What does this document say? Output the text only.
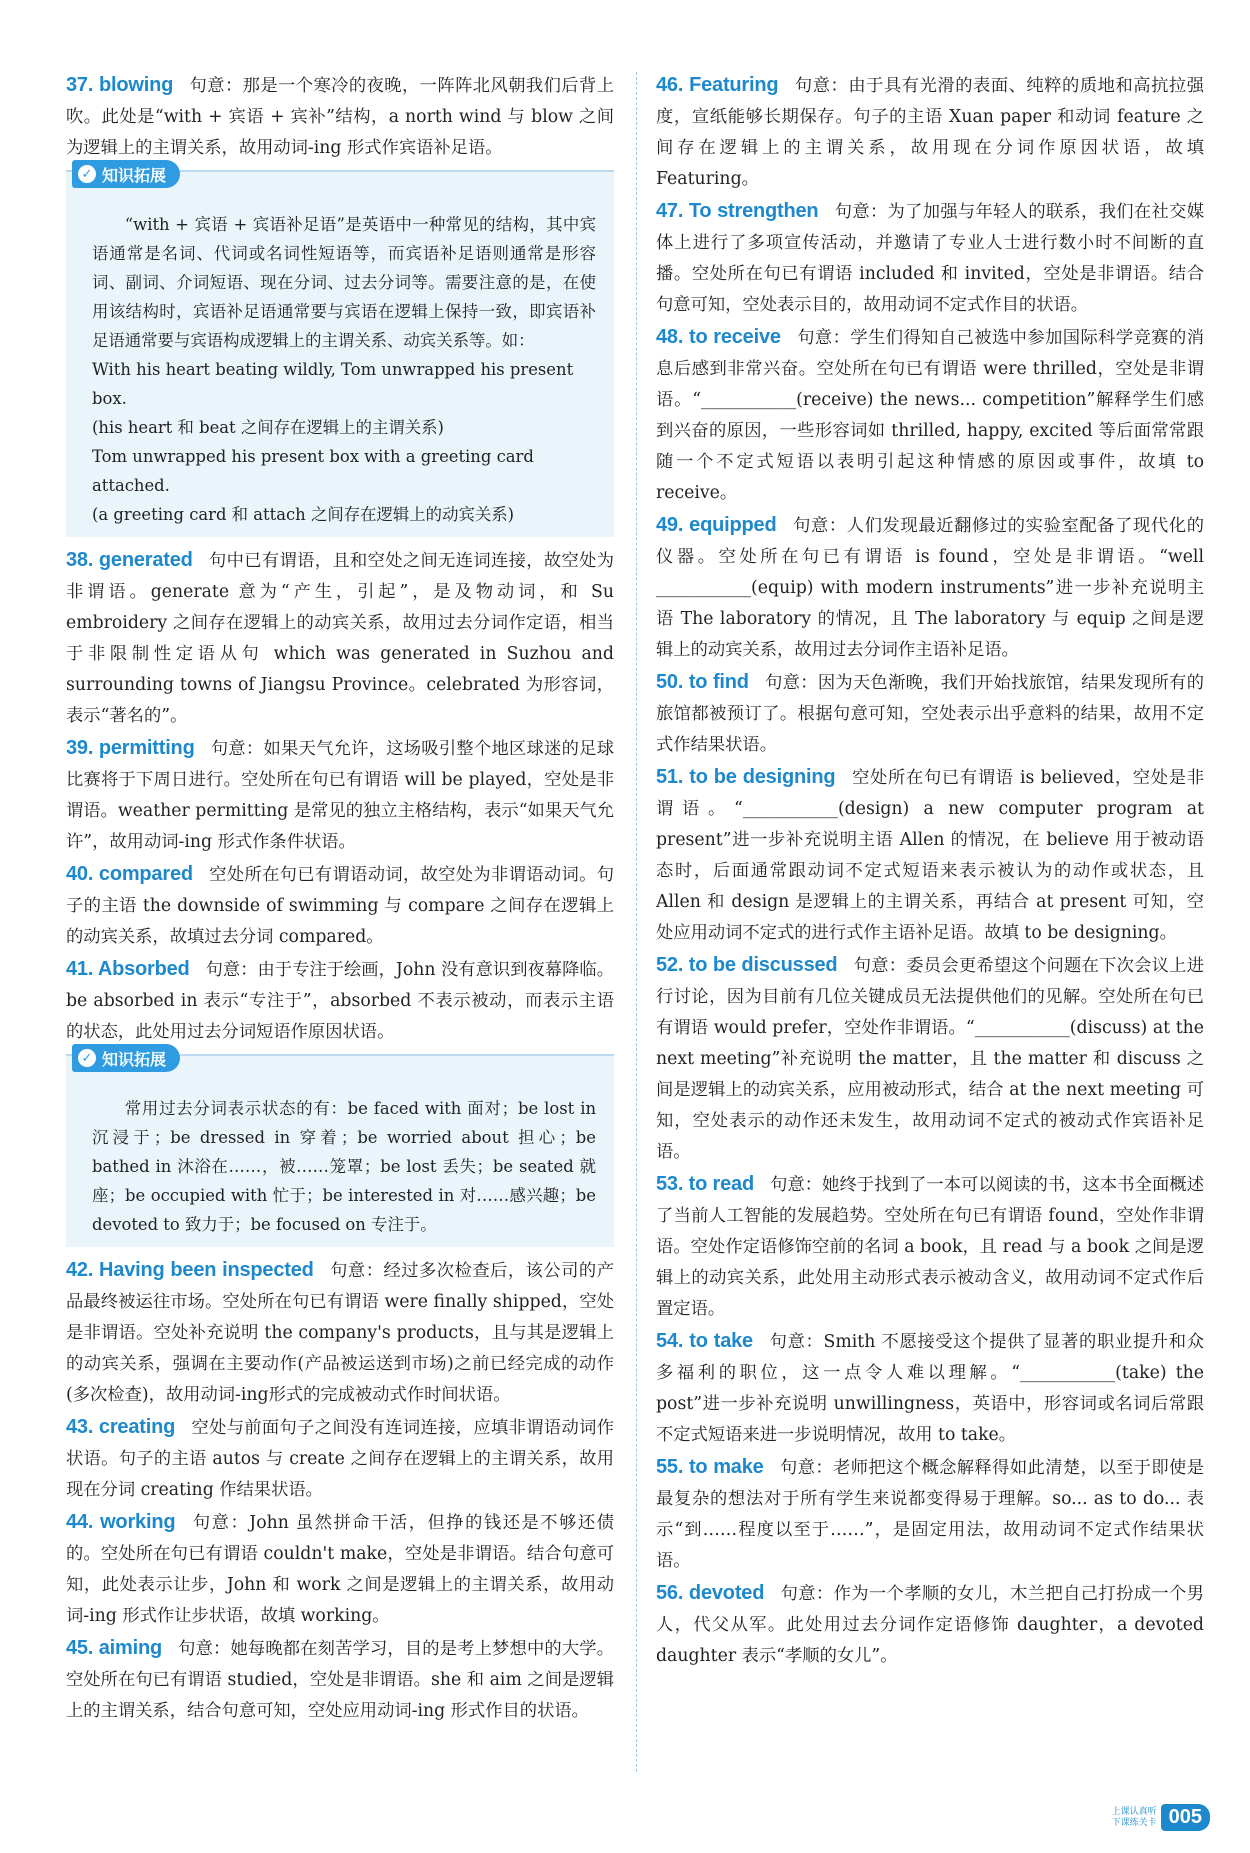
37. blowing 句意：那是一个寒冷的夜晚，一阵阵北风朝我们后背上吹。此处是“with + 宾语 + 宾补”结构，a north wind 与 blow 之间为逻辑上的主谓关系，故用动词-ing 形式作宾语补足语。

✓ 知识拓展

“with + 宾语 + 宾语补足语”是英语中一种常见的结构，其中宾语通常是名词、代词或名词性短语等，而宾语补足语则通常是形容词、副词、介词短语、现在分词、过去分词等。需要注意的是，在使用该结构时，宾语补足语通常要与宾语在逻辑上保持一致，即宾语补足语通常要与宾语构成逻辑上的主谓关系、动宾关系等。如：

With his heart beating wildly, Tom unwrapped his present box.
(his heart 和 beat 之间存在逻辑上的主谓关系)
Tom unwrapped his present box with a greeting card attached.
(a greeting card 和 attach 之间存在逻辑上的动宾关系)

38. generated 句中已有谓语，且和空处之间无连词连接，故空处为非谓语。generate 意为“产生，引起”，是及物动词，和 Su embroidery 之间存在逻辑上的动宾关系，故用过去分词作定语，相当于非限制性定语从句 which was generated in Suzhou and surrounding towns of Jiangsu Province。celebrated 为形容词，表示“著名的”。

39. permitting 句意：如果天气允许，这场吸引整个地区球迷的足球比赛将于下周日进行。空处所在句已有谓语 will be played，空处是非谓语。weather permitting 是常见的独立主格结构，表示“如果天气允许”，故用动词-ing 形式作条件状语。

40. compared 空处所在句已有谓语动词，故空处为非谓语动词。句子的主语 the downside of swimming 与 compare 之间存在逻辑上的动宾关系，故填过去分词 compared。

41. Absorbed 句意：由于专注于绘画，John 没有意识到夜幕降临。be absorbed in 表示“专注于”，absorbed 不表示被动，而表示主语的状态，此处用过去分词短语作原因状语。

✓ 知识拓展

常用过去分词表示状态的有：be faced with 面对；be lost in 沉浸于；be dressed in 穿着；be worried about 担心；be bathed in 沐浴在……，被……笼罩；be lost 丢失；be seated 就座；be occupied with 忙于；be interested in 对……感兴趣；be devoted to 致力于；be focused on 专注于。

42. Having been inspected 句意：经过多次检查后，该公司的产品最终被运往市场。空处所在句已有谓语 were finally shipped，空处是非谓语。空处补充说明 the company's products，且与其是逻辑上的动宾关系，强调在主要动作(产品被运送到市场)之前已经完成的动作(多次检查)，故用动词-ing形式的完成被动式作时间状语。

43. creating 空处与前面句子之间没有连词连接，应填非谓语动词作状语。句子的主语 autos 与 create 之间存在逻辑上的主谓关系，故用现在分词 creating 作结果状语。

44. working 句意：John 虽然拼命干活，但挣的钱还是不够还债的。空处所在句已有谓语 couldn't make，空处是非谓语。结合句意可知，此处表示让步，John 和 work 之间是逻辑上的主谓关系，故用动词-ing 形式作让步状语，故填 working。

45. aiming 句意：她每晚都在刻苦学习，目的是考上梦想中的大学。空处所在句已有谓语 studied，空处是非谓语。she 和 aim 之间是逻辑上的主谓关系，结合句意可知，空处应用动词-ing 形式作目的状语。

46. Featuring 句意：由于具有光滑的表面、纯粹的质地和高抗拉强度，宣纸能够长期保存。句子的主语 Xuan paper 和动词 feature 之间存在逻辑上的主谓关系，故用现在分词作原因状语，故填 Featuring。

47. To strengthen 句意：为了加强与年轻人的联系，我们在社交媒体上进行了多项宣传活动，并邀请了专业人士进行数小时不间断的直播。空处所在句已有谓语 included 和 invited，空处是非谓语。结合句意可知，空处表示目的，故用动词不定式作目的状语。

48. to receive 句意：学生们得知自己被选中参加国际科学竞赛的消息后感到非常兴奋。空处所在句已有谓语 were thrilled，空处是非谓语。“___________(receive) the news... competition”解释学生们感到兴奋的原因，一些形容词如 thrilled, happy, excited 等后面常常跟随一个不定式短语以表明引起这种情感的原因或事件，故填 to receive。

49. equipped 句意：人们发现最近翻修过的实验室配备了现代化的仪器。空处所在句已有谓语 is found，空处是非谓语。“well ___________(equip) with modern instruments”进一步补充说明主语 The laboratory 的情况，且 The laboratory 与 equip 之间是逻辑上的动宾关系，故用过去分词作主语补足语。

50. to find 句意：因为天色渐晚，我们开始找旅馆，结果发现所有的旅馆都被预订了。根据句意可知，空处表示出乎意料的结果，故用不定式作结果状语。

51. to be designing 空处所在句已有谓语 is believed，空处是非谓语。“___________(design) a new computer program at present”进一步补充说明主语 Allen 的情况，在 believe 用于被动语态时，后面通常跟动词不定式短语来表示被认为的动作或状态，且 Allen 和 design 是逻辑上的主谓关系，再结合 at present 可知，空处应用动词不定式的进行式作主语补足语。故填 to be designing。

52. to be discussed 句意：委员会更希望这个问题在下次会议上进行讨论，因为目前有几位关键成员无法提供他们的见解。空处所在句已有谓语 would prefer，空处作非谓语。“___________(discuss) at the next meeting”补充说明 the matter，且 the matter 和 discuss 之间是逻辑上的动宾关系，应用被动形式，结合 at the next meeting 可知，空处表示的动作还未发生，故用动词不定式的被动式作宾语补足语。

53. to read 句意：她终于找到了一本可以阅读的书，这本书全面概述了当前人工智能的发展趋势。空处所在句已有谓语 found，空处作非谓语。空处作定语修饰空前的名词 a book，且 read 与 a book 之间是逻辑上的动宾关系，此处用主动形式表示被动含义，故用动词不定式作后置定语。

54. to take 句意：Smith 不愿接受这个提供了显著的职业提升和众多福利的职位，这一点令人难以理解。“___________(take) the post”进一步补充说明 unwillingness，英语中，形容词或名词后常跟不定式短语来进一步说明情况，故用 to take。

55. to make 句意：老师把这个概念解释得如此清楚，以至于即使是最复杂的想法对于所有学生来说都变得易于理解。so... as to do... 表示“到……程度以至于……”，是固定用法，故用动词不定式作结果状语。

56. devoted 句意：作为一个孝顺的女儿，木兰把自己打扮成一个男人，代父从军。此处用过去分词作定语修饰 daughter，a devoted daughter 表示“孝顺的女儿”。

上课认真听
下课练关卡 005
